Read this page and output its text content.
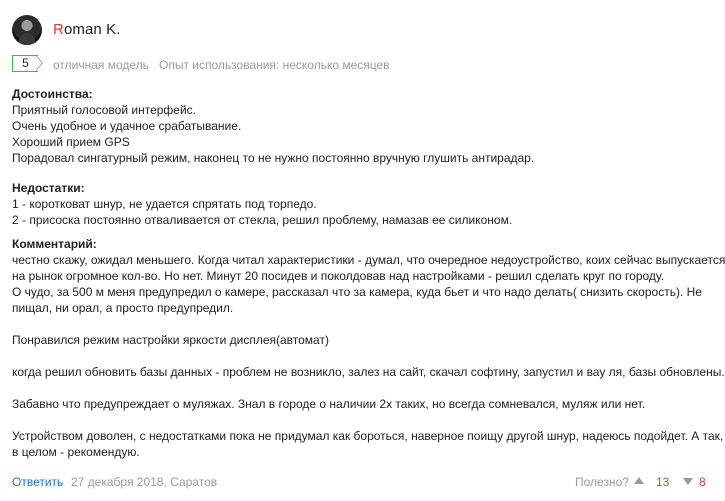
Roman K.
5	отличная модель Опыт использования: несколько месяцев
Достоинства:
Приятный голосовой интерфейс.
Очень удобное и удачное срабатывание.
Хороший прием GPS
Порадовал сингатурный режим, наконец то не нужно постоянно вручную глушить антирадар.
Недостатки:
1 - коротковат шнур, не удается спрятать под торпедо.
2 - присоска постоянно отваливается от стекла, решил проблему, намазав ее силиконом.
Комментарий:
честно скажу, ожидал меньшего. Когда читал характеристики - думал, что очередное недоустройство, коих сейчас выпускается
на рынок огромное кол-во. Но нет. Минут 20 посидев и поколдовав над настройками - решил сделать круг по городу.
О чудо, за 500 м меня предупредил о камере, рассказал что за камера, куда бьет и что надо делать( снизить скорость). Не
пищал, ни орал, а просто предупредил.
Понравился режим настройки яркости дисплея(автомат)
когда решил обновить базы данных - проблем не возникло, залез на сайт, скачал софтину, запустил и вау ля, базы обновлены.
Забавно что предупреждает о муляжах. Знал в городе о наличии 2х таких, но всегда сомневался, муляж или нет.
Устройством доволен, с недостатками пока не придумал как бороться, наверное поищу другой шнур, надеюсь подойдет. А так,
в целом - рекомендую.
Ответить 27 декабря 2018, Саратов	Полезно? 13 8
